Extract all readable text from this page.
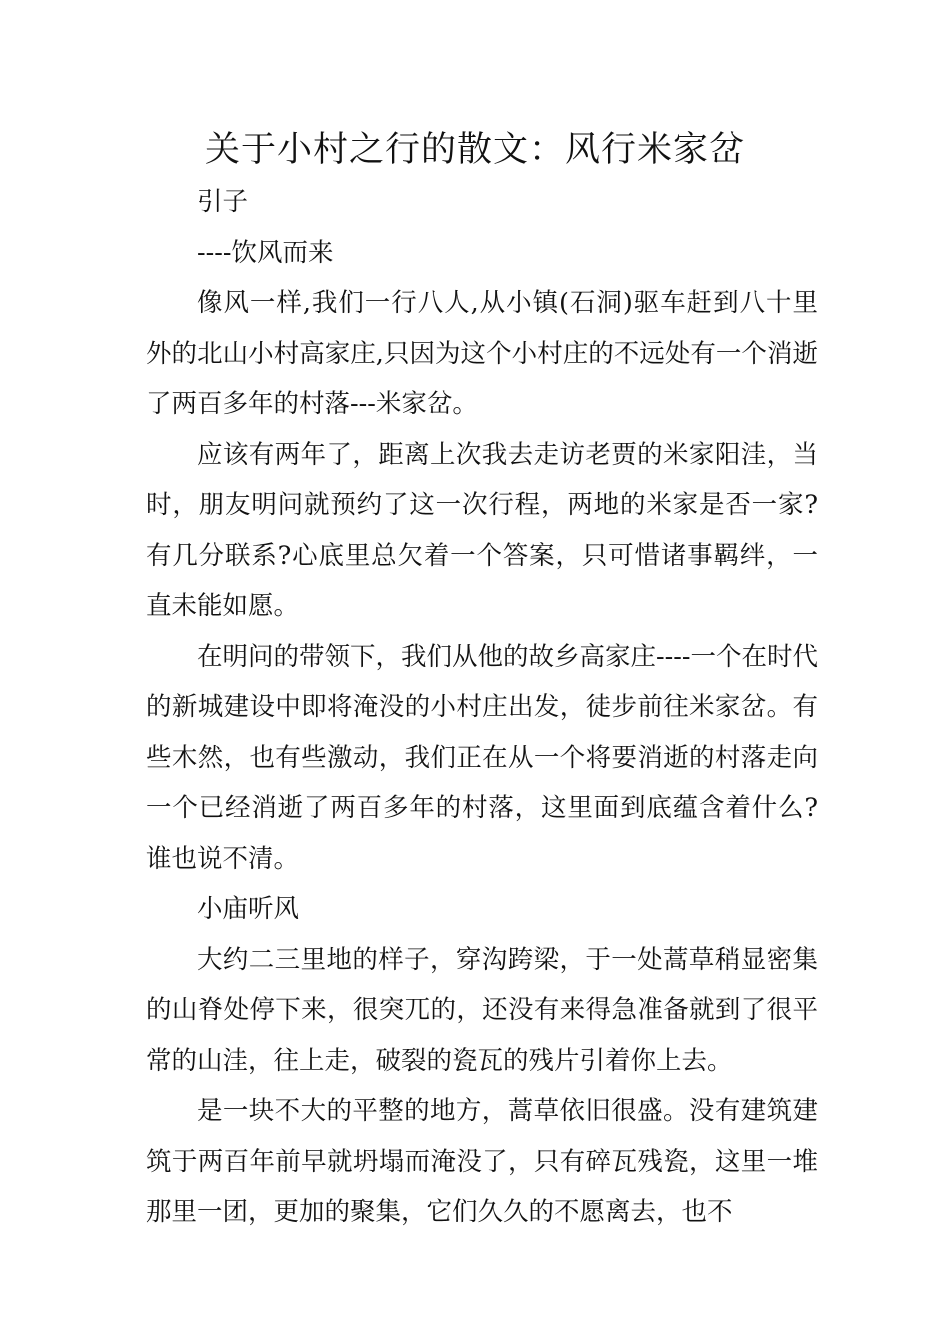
关于小村之行的散文：风行米家岔

引子

----饮风而来

像风一样,我们一行八人,从小镇(石洞)驱车赶到八十里外的北山小村高家庄,只因为这个小村庄的不远处有一个消逝了两百多年的村落---米家岔。

应该有两年了，距离上次我去走访老贾的米家阳洼，当时，朋友明问就预约了这一次行程，两地的米家是否一家?有几分联系?心底里总欠着一个答案，只可惜诸事羁绊，一直未能如愿。

在明问的带领下，我们从他的故乡高家庄----一个在时代的新城建设中即将淹没的小村庄出发，徒步前往米家岔。有些木然，也有些激动，我们正在从一个将要消逝的村落走向一个已经消逝了两百多年的村落，这里面到底蕴含着什么?谁也说不清。

小庙听风

大约二三里地的样子，穿沟跨梁，于一处蒿草稍显密集的山脊处停下来，很突兀的，还没有来得急准备就到了很平常的山洼，往上走，破裂的瓷瓦的残片引着你上去。

是一块不大的平整的地方，蒿草依旧很盛。没有建筑建筑于两百年前早就坍塌而淹没了，只有碎瓦残瓷，这里一堆那里一团，更加的聚集，它们久久的不愿离去，也不
